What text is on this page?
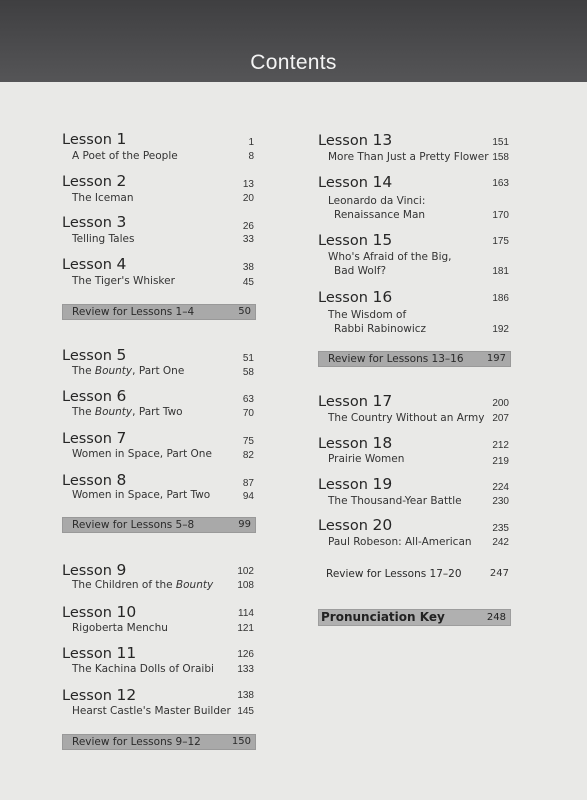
Contents
Lesson 1	1
A Poet of the People	8
Lesson 2	13
The Iceman	20
Lesson 3	26
Telling Tales	33
Lesson 4	38
The Tiger's Whisker	45
Review for Lessons 1–4	50
Lesson 5	51
The Bounty, Part One	58
Lesson 6	63
The Bounty, Part Two	70
Lesson 7	75
Women in Space, Part One	82
Lesson 8	87
Women in Space, Part Two	94
Review for Lessons 5–8	99
Lesson 9	102
The Children of the Bounty 108
Lesson 10	114
Rigoberta Menchu	121
Lesson 11	126
The Kachina Dolls of Oraibi 133
Lesson 12	138
Hearst Castle's Master Builder 145
Review for Lessons 9–12	150
Lesson 13	151
More Than Just a Pretty Flower 158
Lesson 14	163
Leonardo da Vinci:
Renaissance Man	170
Lesson 15	175
Who's Afraid of the Big,
Bad Wolf?	181
Lesson 16	186
The Wisdom of
Rabbi Rabinowicz	192
Review for Lessons 13–16 197
Lesson 17	200
The Country Without an Army 207
Lesson 18	212
Prairie Women	219
Lesson 19	224
The Thousand-Year Battle	230
Lesson 20	235
Paul Robeson: All-American 242
Review for Lessons 17–20	247
Pronunciation Key	248
